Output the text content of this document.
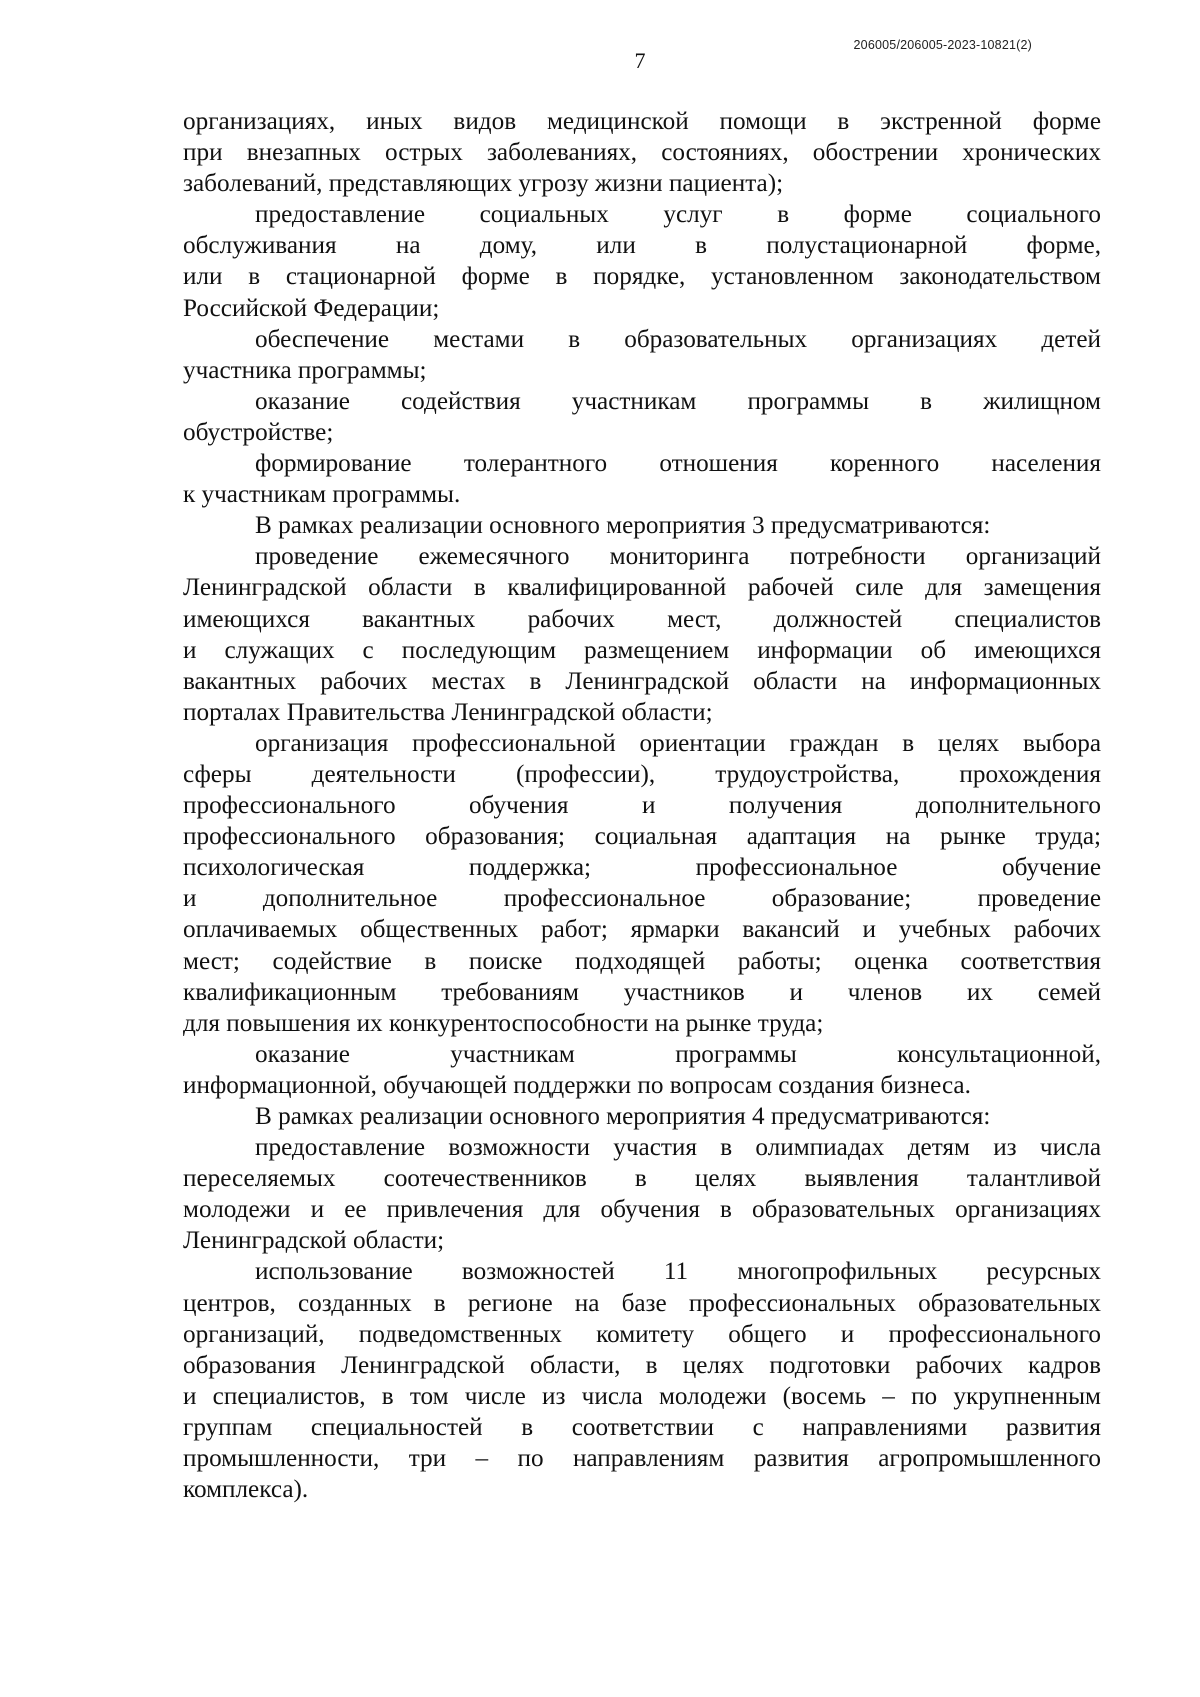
206005/206005-2023-10821(2)
7
организациях, иных видов медицинской помощи в экстренной форме
при внезапных острых заболеваниях, состояниях, обострении хронических
заболеваний, представляющих угрозу жизни пациента);
предоставление социальных услуг в форме социального
обслуживания на дому, или в полустационарной форме,
или в стационарной форме в порядке, установленном законодательством
Российской Федерации;
обеспечение местами в образовательных организациях детей
участника программы;
оказание содействия участникам программы в жилищном
обустройстве;
формирование толерантного отношения коренного населения
к участникам программы.
В рамках реализации основного мероприятия 3 предусматриваются:
проведение ежемесячного мониторинга потребности организаций
Ленинградской области в квалифицированной рабочей силе для замещения
имеющихся вакантных рабочих мест, должностей специалистов
и служащих с последующим размещением информации об имеющихся
вакантных рабочих местах в Ленинградской области на информационных
порталах Правительства Ленинградской области;
организация профессиональной ориентации граждан в целях выбора
сферы деятельности (профессии), трудоустройства, прохождения
профессионального обучения и получения дополнительного
профессионального образования; социальная адаптация на рынке труда;
психологическая поддержка; профессиональное обучение
и дополнительное профессиональное образование; проведение
оплачиваемых общественных работ; ярмарки вакансий и учебных рабочих
мест; содействие в поиске подходящей работы; оценка соответствия
квалификационным требованиям участников и членов их семей
для повышения их конкурентоспособности на рынке труда;
оказание участникам программы консультационной,
информационной, обучающей поддержки по вопросам создания бизнеса.
В рамках реализации основного мероприятия 4 предусматриваются:
предоставление возможности участия в олимпиадах детям из числа
переселяемых соотечественников в целях выявления талантливой
молодежи и ее привлечения для обучения в образовательных организациях
Ленинградской области;
использование возможностей 11 многопрофильных ресурсных
центров, созданных в регионе на базе профессиональных образовательных
организаций, подведомственных комитету общего и профессионального
образования Ленинградской области, в целях подготовки рабочих кадров
и специалистов, в том числе из числа молодежи (восемь – по укрупненным
группам специальностей в соответствии с направлениями развития
промышленности, три – по направлениям развития агропромышленного
комплекса).
